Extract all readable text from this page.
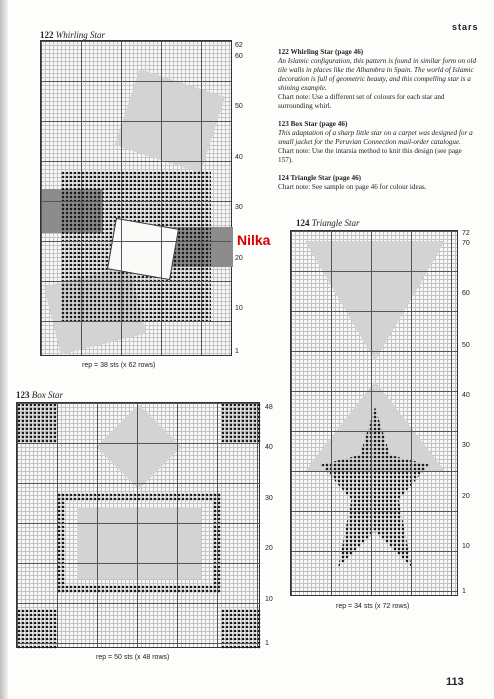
stars
122 Whirling Star
62
60
50
40
30
20
10
1
rep = 38 sts (x 62 rows)
122 Whirling Star (page 46)
An Islamic configuration, this pattern is found in similar form on old tile walls in places like the Alhambra in Spain. The world of Islamic decoration is full of geometric beauty, and this compelling star is a shining example.
Chart note: Use a different set of colours for each star and surrounding whirl.
123 Box Star (page 46)
This adaptation of a sharp little star on a carpet was designed for a small jacket for the Peruvian Connection mail-order catalogue.
Chart note: Use the intarsia method to knit this design (see page 157).
124 Triangle Star (page 46)
Chart note: See sample on page 46 for colour ideas.
Nilka
124 Triangle Star
72
70
60
50
40
30
20
10
1
rep = 34 sts (x 72 rows)
123 Box Star
48
40
30
20
10
1
rep = 50 sts (x 48 rows)
113
